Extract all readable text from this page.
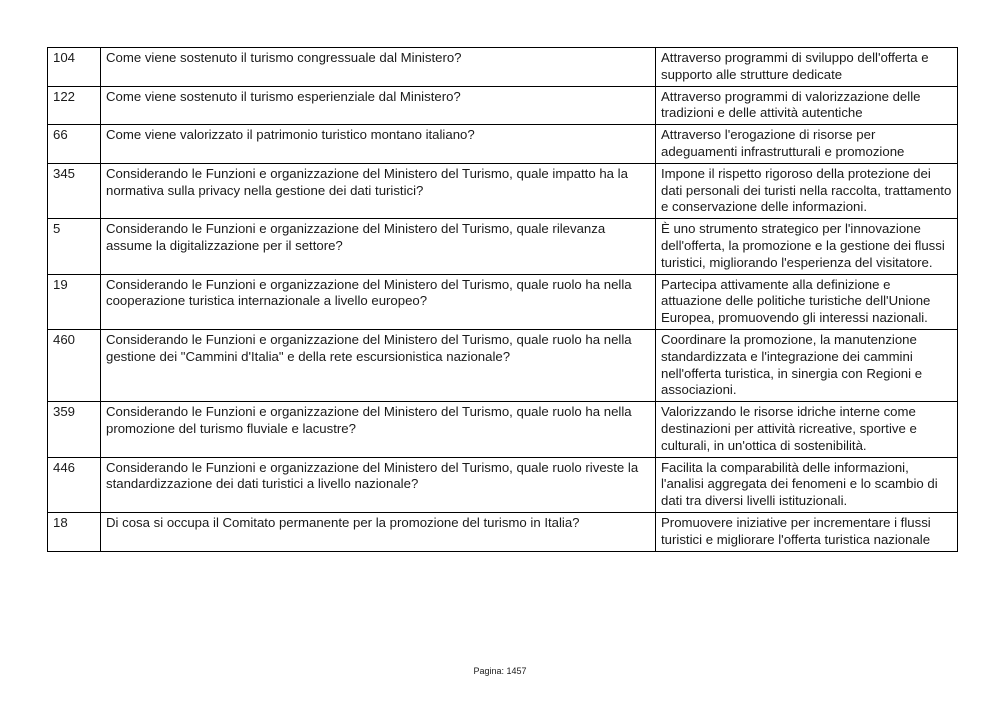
104	Come viene sostenuto il turismo congressuale dal Ministero?	Attraverso programmi di sviluppo dell'offerta e supporto alle strutture dedicate
122	Come viene sostenuto il turismo esperienziale dal Ministero?	Attraverso programmi di valorizzazione delle tradizioni e delle attività autentiche
66	Come viene valorizzato il patrimonio turistico montano italiano?	Attraverso l'erogazione di risorse per adeguamenti infrastrutturali e promozione
345	Considerando le Funzioni e organizzazione del Ministero del Turismo, quale impatto ha la normativa sulla privacy nella gestione dei dati turistici?	Impone il rispetto rigoroso della protezione dei dati personali dei turisti nella raccolta, trattamento e conservazione delle informazioni.
5	Considerando le Funzioni e organizzazione del Ministero del Turismo, quale rilevanza assume la digitalizzazione per il settore?	È uno strumento strategico per l'innovazione dell'offerta, la promozione e la gestione dei flussi turistici, migliorando l'esperienza del visitatore.
19	Considerando le Funzioni e organizzazione del Ministero del Turismo, quale ruolo ha nella cooperazione turistica internazionale a livello europeo?	Partecipa attivamente alla definizione e attuazione delle politiche turistiche dell'Unione Europea, promuovendo gli interessi nazionali.
460	Considerando le Funzioni e organizzazione del Ministero del Turismo, quale ruolo ha nella gestione dei "Cammini d'Italia" e della rete escursionistica nazionale?	Coordinare la promozione, la manutenzione standardizzata e l'integrazione dei cammini nell'offerta turistica, in sinergia con Regioni e associazioni.
359	Considerando le Funzioni e organizzazione del Ministero del Turismo, quale ruolo ha nella promozione del turismo fluviale e lacustre?	Valorizzando le risorse idriche interne come destinazioni per attività ricreative, sportive e culturali, in un'ottica di sostenibilità.
446	Considerando le Funzioni e organizzazione del Ministero del Turismo, quale ruolo riveste la standardizzazione dei dati turistici a livello nazionale?	Facilita la comparabilità delle informazioni, l'analisi aggregata dei fenomeni e lo scambio di dati tra diversi livelli istituzionali.
18	Di cosa si occupa il Comitato permanente per la promozione del turismo in Italia?	Promuovere iniziative per incrementare i flussi turistici e migliorare l'offerta turistica nazionale
Pagina: 1457
